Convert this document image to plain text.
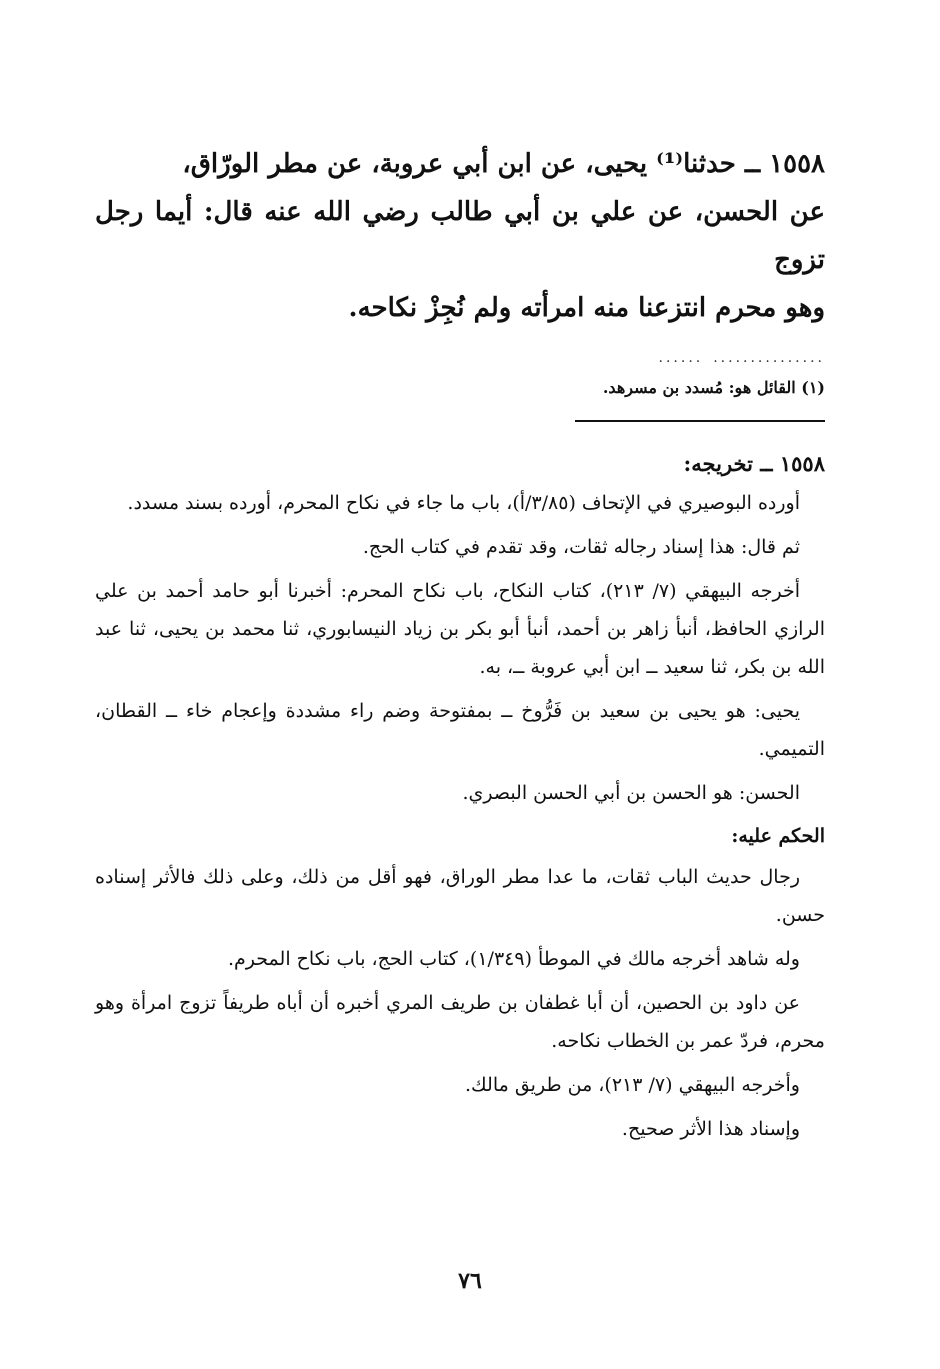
١٥٥٨ ــ حدثنا⁽¹⁾ يحيى، عن ابن أبي عروبة، عن مطر الورّاق،

عن الحسن، عن علي بن أبي طالب رضي الله عنه قال: أيما رجل تزوج

وهو محرم انتزعنا منه امرأته ولم نُجِزْ نكاحه.

...............
......
(١) القائل هو: مُسدد بن مسرهد.
١٥٥٨ ــ تخريجه:

أورده البوصيري في الإتحاف (٣/٨٥/أ)، باب ما جاء في نكاح المحرم، أورده بسند مسدد.

ثم قال: هذا إسناد رجاله ثقات، وقد تقدم في كتاب الحج.

أخرجه البيهقي (٧/ ٢١٣)، كتاب النكاح، باب نكاح المحرم: أخبرنا أبو حامد أحمد بن علي الرازي الحافظ، أنبأ زاهر بن أحمد، أنبأ أبو بكر بن زياد النيسابوري، ثنا محمد بن يحيى، ثنا عبد الله بن بكر، ثنا سعيد ــ ابن أبي عروبة ــ، به.

يحيى: هو يحيى بن سعيد بن فَرُّوخ ــ بمفتوحة وضم راء مشددة وإعجام خاء ــ القطان، التميمي.

الحسن: هو الحسن بن أبي الحسن البصري.

الحكم عليه:

رجال حديث الباب ثقات، ما عدا مطر الوراق، فهو أقل من ذلك، وعلى ذلك فالأثر إسناده حسن.

وله شاهد أخرجه مالك في الموطأ (١/٣٤٩)، كتاب الحج، باب نكاح المحرم.

عن داود بن الحصين، أن أبا غطفان بن طريف المري أخبره أن أباه طريفاً تزوج امرأة وهو محرم، فردّ عمر بن الخطاب نكاحه.

وأخرجه البيهقي (٧/ ٢١٣)، من طريق مالك.

وإسناد هذا الأثر صحيح.

٧٦
